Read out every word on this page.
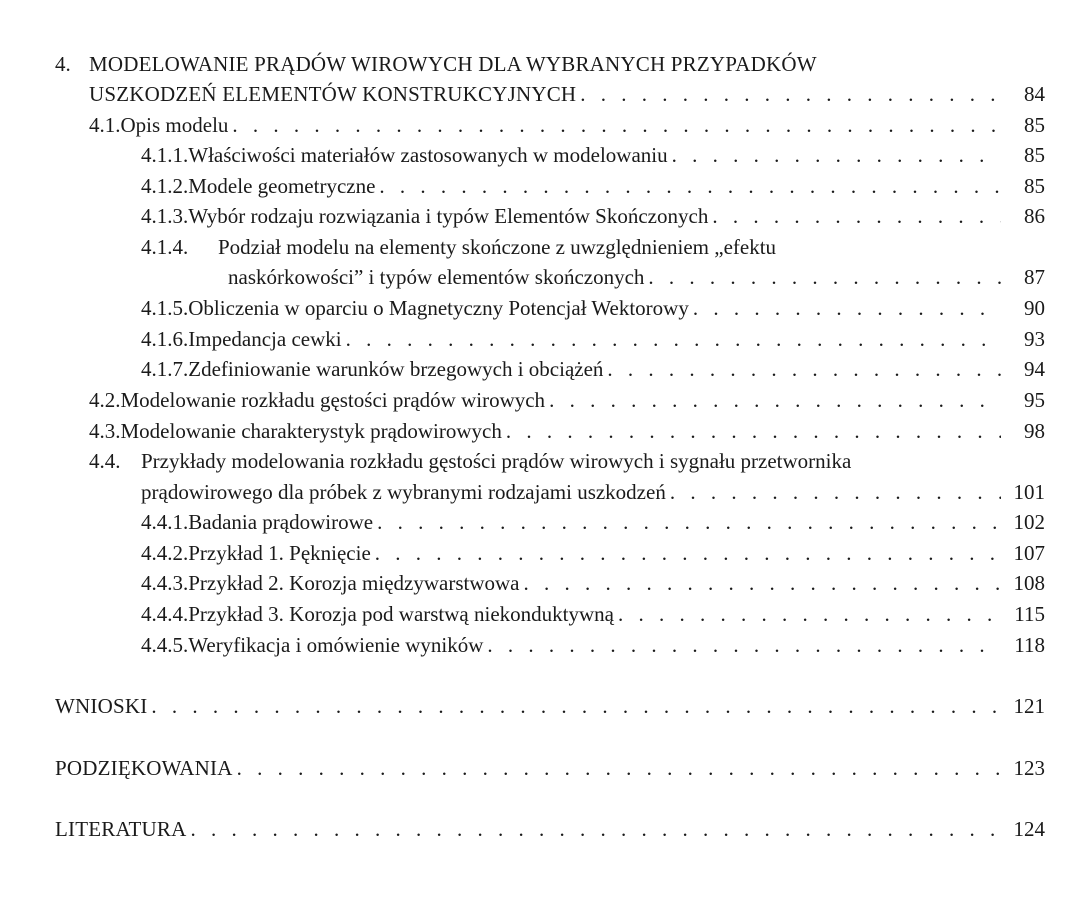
4. MODELOWANIE PRĄDÓW WIROWYCH DLA WYBRANYCH PRZYPADKÓW
USZKODZEŃ ELEMENTÓW KONSTRUKCYJNYCH . . .	84
4.1. Opis modelu . . .	85
4.1.1. Właściwości materiałów zastosowanych w modelowaniu . . .	85
4.1.2. Modele geometryczne . . .	85
4.1.3. Wybór rodzaju rozwiązania i typów Elementów Skończonych . . .	86
4.1.4.	Podział modelu na elementy skończone z uwzględnieniem „efektu
naskórkowości” i typów elementów skończonych . . .	87
4.1.5. Obliczenia w oparciu o Magnetyczny Potencjał Wektorowy . . .	90
4.1.6. Impedancja cewki . . .	93
4.1.7. Zdefiniowanie warunków brzegowych i obciążeń . . .	94
4.2. Modelowanie rozkładu gęstości prądów wirowych . . .	95
4.3. Modelowanie charakterystyk prądowirowych . . .	98
4.4. Przykłady modelowania rozkładu gęstości prądów wirowych i sygnału przetwornika
prądowirowego dla próbek z wybranymi rodzajami uszkodzeń . . .	101
4.4.1. Badania prądowirowe . . .	102
4.4.2. Przykład 1. Pęknięcie . . .	107
4.4.3. Przykład 2. Korozja międzywarstwowa . . .	108
4.4.4. Przykład 3. Korozja pod warstwą niekonduktywną . . .	115
4.4.5. Weryfikacja i omówienie wyników . . .	118
WNIOSKI . . .	121
PODZIĘKOWANIA . . .	123
LITERATURA . . .	124
